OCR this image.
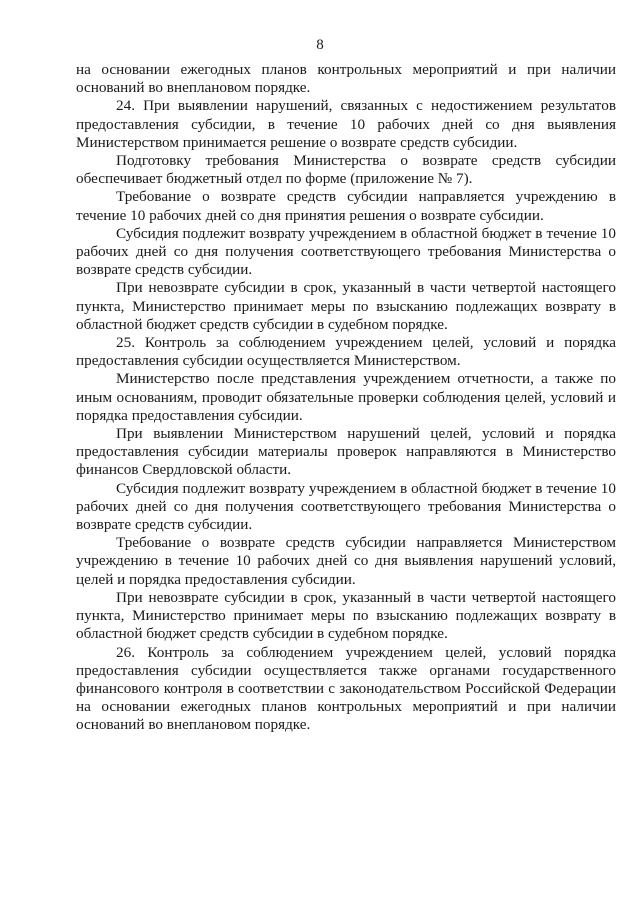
8

на основании ежегодных планов контрольных мероприятий и при наличии оснований во внеплановом порядке.

24. При выявлении нарушений, связанных с недостижением результатов предоставления субсидии, в течение 10 рабочих дней со дня выявления Министерством принимается решение о возврате средств субсидии.

Подготовку требования Министерства о возврате средств субсидии обеспечивает бюджетный отдел по форме (приложение № 7).

Требование о возврате средств субсидии направляется учреждению в течение 10 рабочих дней со дня принятия решения о возврате субсидии.

Субсидия подлежит возврату учреждением в областной бюджет в течение 10 рабочих дней со дня получения соответствующего требования Министерства о возврате средств субсидии.

При невозврате субсидии в срок, указанный в части четвертой настоящего пункта, Министерство принимает меры по взысканию подлежащих возврату в областной бюджет средств субсидии в судебном порядке.

25. Контроль за соблюдением учреждением целей, условий и порядка предоставления субсидии осуществляется Министерством.

Министерство после представления учреждением отчетности, а также по иным основаниям, проводит обязательные проверки соблюдения целей, условий и порядка предоставления субсидии.

При выявлении Министерством нарушений целей, условий и порядка предоставления субсидии материалы проверок направляются в Министерство финансов Свердловской области.

Субсидия подлежит возврату учреждением в областной бюджет в течение 10 рабочих дней со дня получения соответствующего требования Министерства о возврате средств субсидии.

Требование о возврате средств субсидии направляется Министерством учреждению в течение 10 рабочих дней со дня выявления нарушений условий, целей и порядка предоставления субсидии.

При невозврате субсидии в срок, указанный в части четвертой настоящего пункта, Министерство принимает меры по взысканию подлежащих возврату в областной бюджет средств субсидии в судебном порядке.

26. Контроль за соблюдением учреждением целей, условий порядка предоставления субсидии осуществляется также органами государственного финансового контроля в соответствии с законодательством Российской Федерации на основании ежегодных планов контрольных мероприятий и при наличии оснований во внеплановом порядке.
